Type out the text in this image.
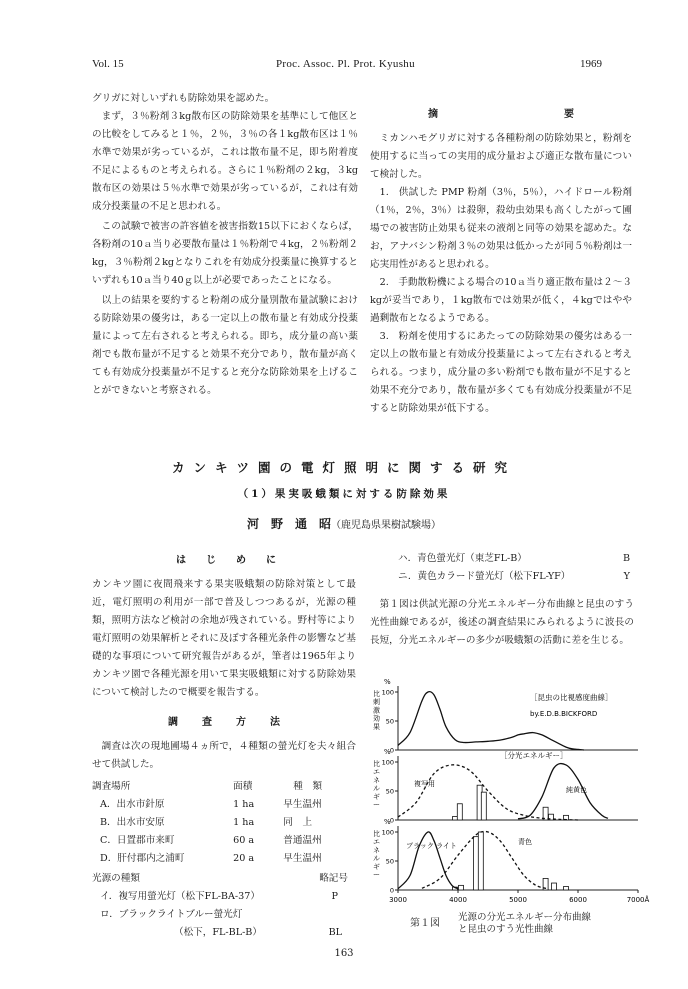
Vol. 15	Proc. Assoc. Pl. Prot. Kyushu	1969

グリガに対しいずれも防除効果を認めた。

まず，３％粉剤３kg散布区の防除効果を基準にして他区との比較をしてみると１％，２％，３％の各１kg散布区は１％水準で効果が劣っているが，これは散布量不足，即ち附着度不足によるものと考えられる。さらに１％粉剤の２kg，３kg散布区の効果は５％水準で効果が劣っているが，これは有効成分投薬量の不足と思われる。

この試験で被害の許容値を被害指数15以下におくならば，各粉剤の10ａ当り必要散布量は１％粉剤で４kg，２％粉剤２kg，３％粉剤２kgとなりこれを有効成分投薬量に換算するといずれも10ａ当り40ｇ以上が必要であったことになる。

以上の結果を要約すると粉剤の成分量別散布量試験における防除効果の優劣は，ある一定以上の散布量と有効成分投薬量によって左右されると考えられる。即ち，成分量の高い薬剤でも散布量が不足すると効果不充分であり，散布量が高くても有効成分投薬量が不足すると充分な防除効果を上げることができないと考察される。

摘　　　要

ミカンハモグリガに対する各種粉剤の防除効果と，粉剤を使用するに当っての実用的成分量および適正な散布量について検討した。

1.　供試した PMP 粉剤（3％，5％），ハイドロール粉剤（1％，2％，3％）は殺卵，殺幼虫効果も高くしたがって圃場での被害防止効果も従来の液剤と同等の効果を認めた。なお，アナバシン粉剤３％の効果は低かったが同５％粉剤は一応実用性があると思われる。

2.　手動散粉機による場合の10ａ当り適正散布量は２～３kgが妥当であり，１kg散布では効果が低く，４kgではやや過剰散布となるようである。

3.　粉剤を使用するにあたっての防除効果の優劣はある一定以上の散布量と有効成分投薬量によって左右されると考えられる。つまり，成分量の多い粉剤でも散布量が不足すると効果不充分であり，散布量が多くても有効成分投薬量が不足すると防除効果が低下する。

カンキツ園の電灯照明に関する研究
（1）果実吸蛾類に対する防除効果
河　野　通　昭（鹿児島県果樹試験場）
はじめに

カンキツ園に夜間飛来する果実吸蛾類の防除対策として最近，電灯照明の利用が一部で普及しつつあるが，光源の種類，照明方法など検討の余地が残されている。野村等により電灯照明の効果解析とそれに及ぼす各種光条件の影響など基礎的な事項について研究報告があるが，筆者は1965年よりカンキツ園で各種光源を用いて果実吸蛾類に対する防除効果について検討したので概要を報告する。

調査方法

調査は次の現地圃場４ヵ所で，４種類の螢光灯を夫々組合せて供試した。

調査場所	面積	種　類
A．出水市針原	1 ha	早生温州
B．出水市安原	1 ha	同　上
C．日置郡市来町	60 a	普通温州
D．肝付郡内之浦町	20 a	早生温州
光源の種類	略記号
イ．複写用螢光灯（松下FL-BA-37）	P
ロ．ブラックライトブルー螢光灯	
（松下，FL-BL-B）	BL
ハ．青色螢光灯（東芝FL-B）	B
ニ．黄色カラード螢光灯（松下FL-YF）	Y

第１図は供試光源の分光エネルギー分布曲線と昆虫のすう光性曲線であるが，後述の調査結果にみられるように波長の長短，分光エネルギーの多少が吸蛾類の活動に差を生じる。

%
0
50
100
比
刺
激
効
果
［昆虫の比視感度曲線］
by.E.D.B.BICKFORD
%
0
50
100
比
エ
ネ
ル
ギ
ー
［分光エネルギー］
複写用
純黄色
%
0
50
100
比
エ
ネ
ル
ギ
ー
ブラック ライト	青色
3000	4000	5000	6000	7000Å
第１図
光源の分光エネルギー分布曲線
と昆虫のすう光性曲線
163
